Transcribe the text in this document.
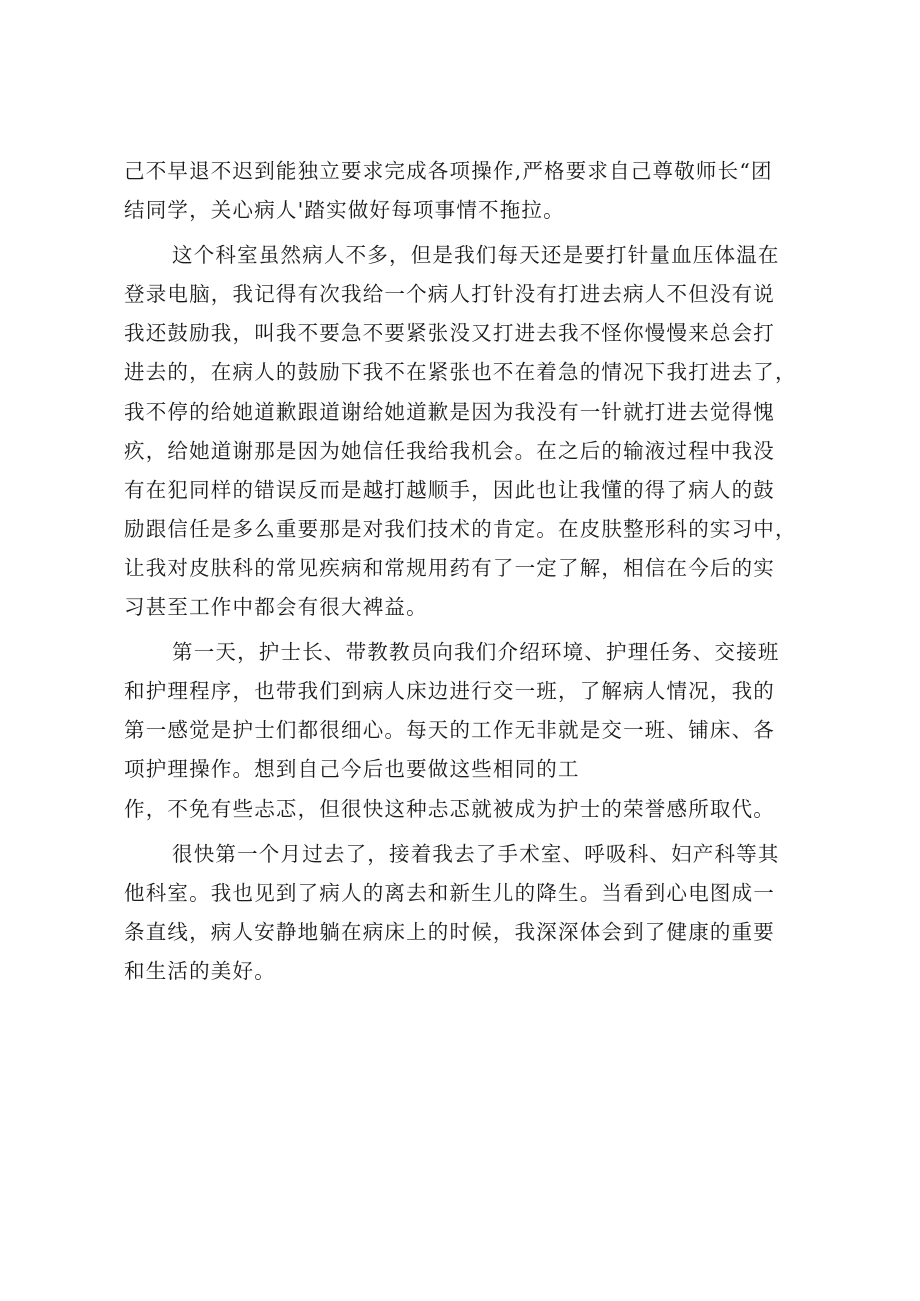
己不早退不迟到能独立要求完成各项操作,严格要求自己尊敬师长“团
结同学，关心病人'踏实做好每项事情不拖拉。
这个科室虽然病人不多，但是我们每天还是要打针量血压体温在
登录电脑，我记得有次我给一个病人打针没有打进去病人不但没有说
我还鼓励我，叫我不要急不要紧张没又打进去我不怪你慢慢来总会打
进去的，在病人的鼓励下我不在紧张也不在着急的情况下我打进去了，
我不停的给她道歉跟道谢给她道歉是因为我没有一针就打进去觉得愧
疚，给她道谢那是因为她信任我给我机会。在之后的输液过程中我没
有在犯同样的错误反而是越打越顺手，因此也让我懂的得了病人的鼓
励跟信任是多么重要那是对我们技术的肯定。在皮肤整形科的实习中，
让我对皮肤科的常见疾病和常规用药有了一定了解，相信在今后的实
习甚至工作中都会有很大裨益。
第一天，护士长、带教教员向我们介绍环境、护理任务、交接班
和护理程序，也带我们到病人床边进行交一班，了解病人情况，我的
第一感觉是护士们都很细心。每天的工作无非就是交一班、铺床、各
项护理操作。想到自己今后也要做这些相同的工
作，不免有些忐忑，但很快这种忐忑就被成为护士的荣誉感所取代。
很快第一个月过去了，接着我去了手术室、呼吸科、妇产科等其
他科室。我也见到了病人的离去和新生儿的降生。当看到心电图成一
条直线，病人安静地躺在病床上的时候，我深深体会到了健康的重要
和生活的美好。
